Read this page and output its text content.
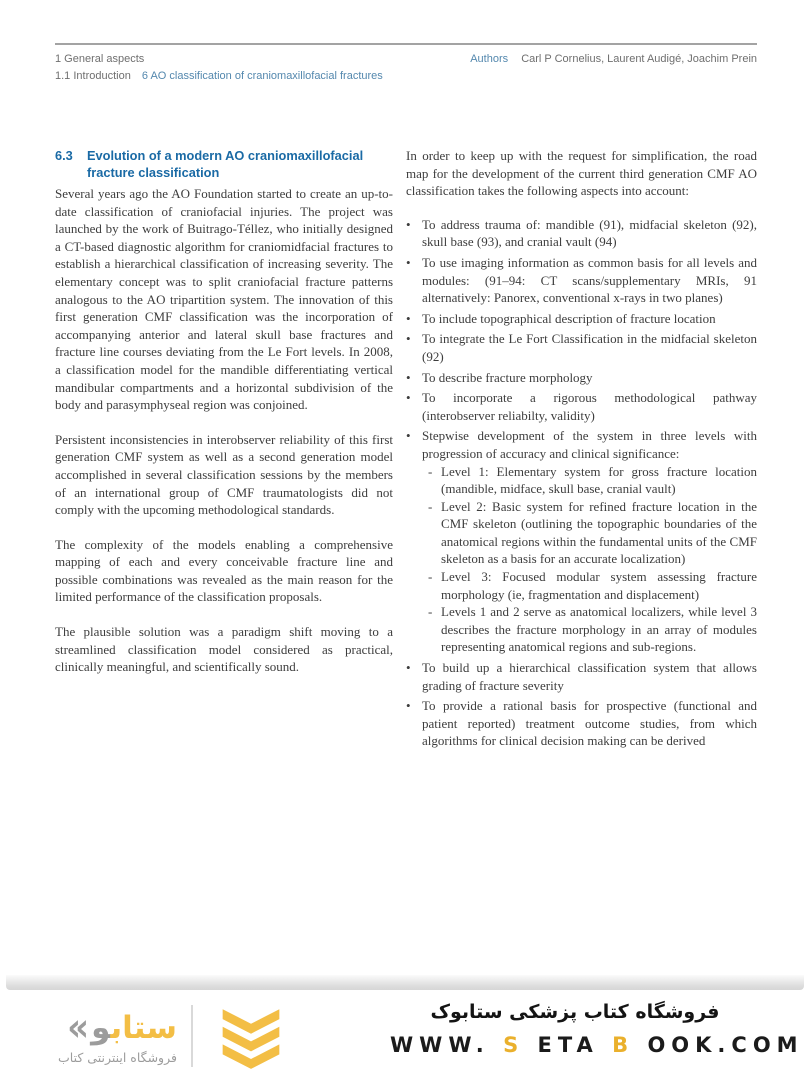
1 General aspects	Authors Carl P Cornelius, Laurent Audigé, Joachim Prein
1.1 Introduction 6 AO classification of craniomaxillofacial fractures
6.3	Evolution of a modern AO craniomaxillofacial fracture classification

Several years ago the AO Foundation started to create an up-to-date classification of craniofacial injuries. The project was launched by the work of Buitrago-Téllez, who initially designed a CT-based diagnostic algorithm for craniomidfacial fractures to establish a hierarchical classification of increasing severity. The elementary concept was to split craniofacial fracture patterns analogous to the AO tripartition system. The innovation of this first generation CMF classification was the incorporation of accompanying anterior and lateral skull base fractures and fracture line courses deviating from the Le Fort levels. In 2008, a classification model for the mandible differentiating vertical mandibular compartments and a horizontal subdivision of the body and parasymphyseal region was conjoined.

Persistent inconsistencies in interobserver reliability of this first generation CMF system as well as a second generation model accomplished in several classification sessions by the members of an international group of CMF traumatologists did not comply with the upcoming methodological standards.

The complexity of the models enabling a comprehensive mapping of each and every conceivable fracture line and possible combinations was revealed as the main reason for the limited performance of the classification proposals.

The plausible solution was a paradigm shift moving to a streamlined classification model considered as practical, clinically meaningful, and scientifically sound.

In order to keep up with the request for simplification, the road map for the development of the current third generation CMF AO classification takes the following aspects into account:

• To address trauma of: mandible (91), midfacial skeleton (92), skull base (93), and cranial vault (94)
• To use imaging information as common basis for all levels and modules: (91–94: CT scans/supplementary MRIs, 91 alternatively: Panorex, conventional x-rays in two planes)
• To include topographical description of fracture location
• To integrate the Le Fort Classification in the midfacial skeleton (92)
• To describe fracture morphology
• To incorporate a rigorous methodological pathway (interobserver reliabilty, validity)
• Stepwise development of the system in three levels with progression of accuracy and clinical significance:
- Level 1: Elementary system for gross fracture location (mandible, midface, skull base, cranial vault)
- Level 2: Basic system for refined fracture location in the CMF skeleton (outlining the topographic boundaries of the anatomical regions within the fundamental units of the CMF skeleton as a basis for an accurate localization)
- Level 3: Focused modular system assessing fracture morphology (ie, fragmentation and displacement)
- Levels 1 and 2 serve as anatomical localizers, while level 3 describes the fracture morphology in an array of modules representing anatomical regions and sub-regions.
• To build up a hierarchical classification system that allows grading of fracture severity
• To provide a rational basis for prospective (functional and patient reported) treatment outcome studies, from which algorithms for clinical decision making can be derived
« ستابو
فروشگاه اینترنتی کتاب
فروشگاه کتاب پزشکی ستابوک
WWW. S ETA B OOK.COM
